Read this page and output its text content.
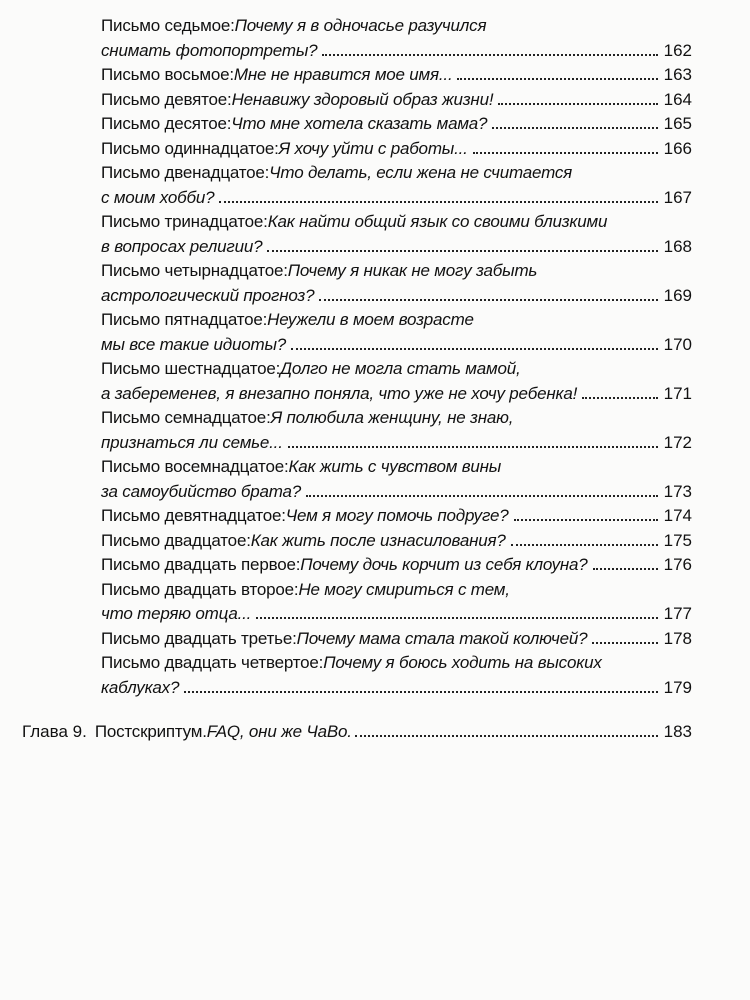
Письмо седьмое: Почему я в одночасье разучился
снимать фотопортреты?	162
Письмо восьмое: Мне не нравится мое имя...	163
Письмо девятое: Ненавижу здоровый образ жизни!	164
Письмо десятое: Что мне хотела сказать мама?	165
Письмо одиннадцатое: Я хочу уйти с работы...	166
Письмо двенадцатое: Что делать, если жена не считается
с моим хобби?	167
Письмо тринадцатое: Как найти общий язык со своими близкими
в вопросах религии?	168
Письмо четырнадцатое: Почему я никак не могу забыть
астрологический прогноз?	169
Письмо пятнадцатое: Неужели в моем возрасте
мы все такие идиоты?	170
Письмо шестнадцатое: Долго не могла стать мамой,
а забеременев, я внезапно поняла, что уже не хочу ребенка!	171
Письмо семнадцатое: Я полюбила женщину, не знаю,
признаться ли семье...	172
Письмо восемнадцатое: Как жить с чувством вины
за самоубийство брата?	173
Письмо девятнадцатое: Чем я могу помочь подруге?	174
Письмо двадцатое: Как жить после изнасилования?	175
Письмо двадцать первое: Почему дочь корчит из себя клоуна?	176
Письмо двадцать второе: Не могу смириться с тем,
что теряю отца...	177
Письмо двадцать третье: Почему мама стала такой колючей?	178
Письмо двадцать четвертое: Почему я боюсь ходить на высоких
каблуках?	179
Глава 9. Постскриптум. FAQ, они же ЧаВо.	183
